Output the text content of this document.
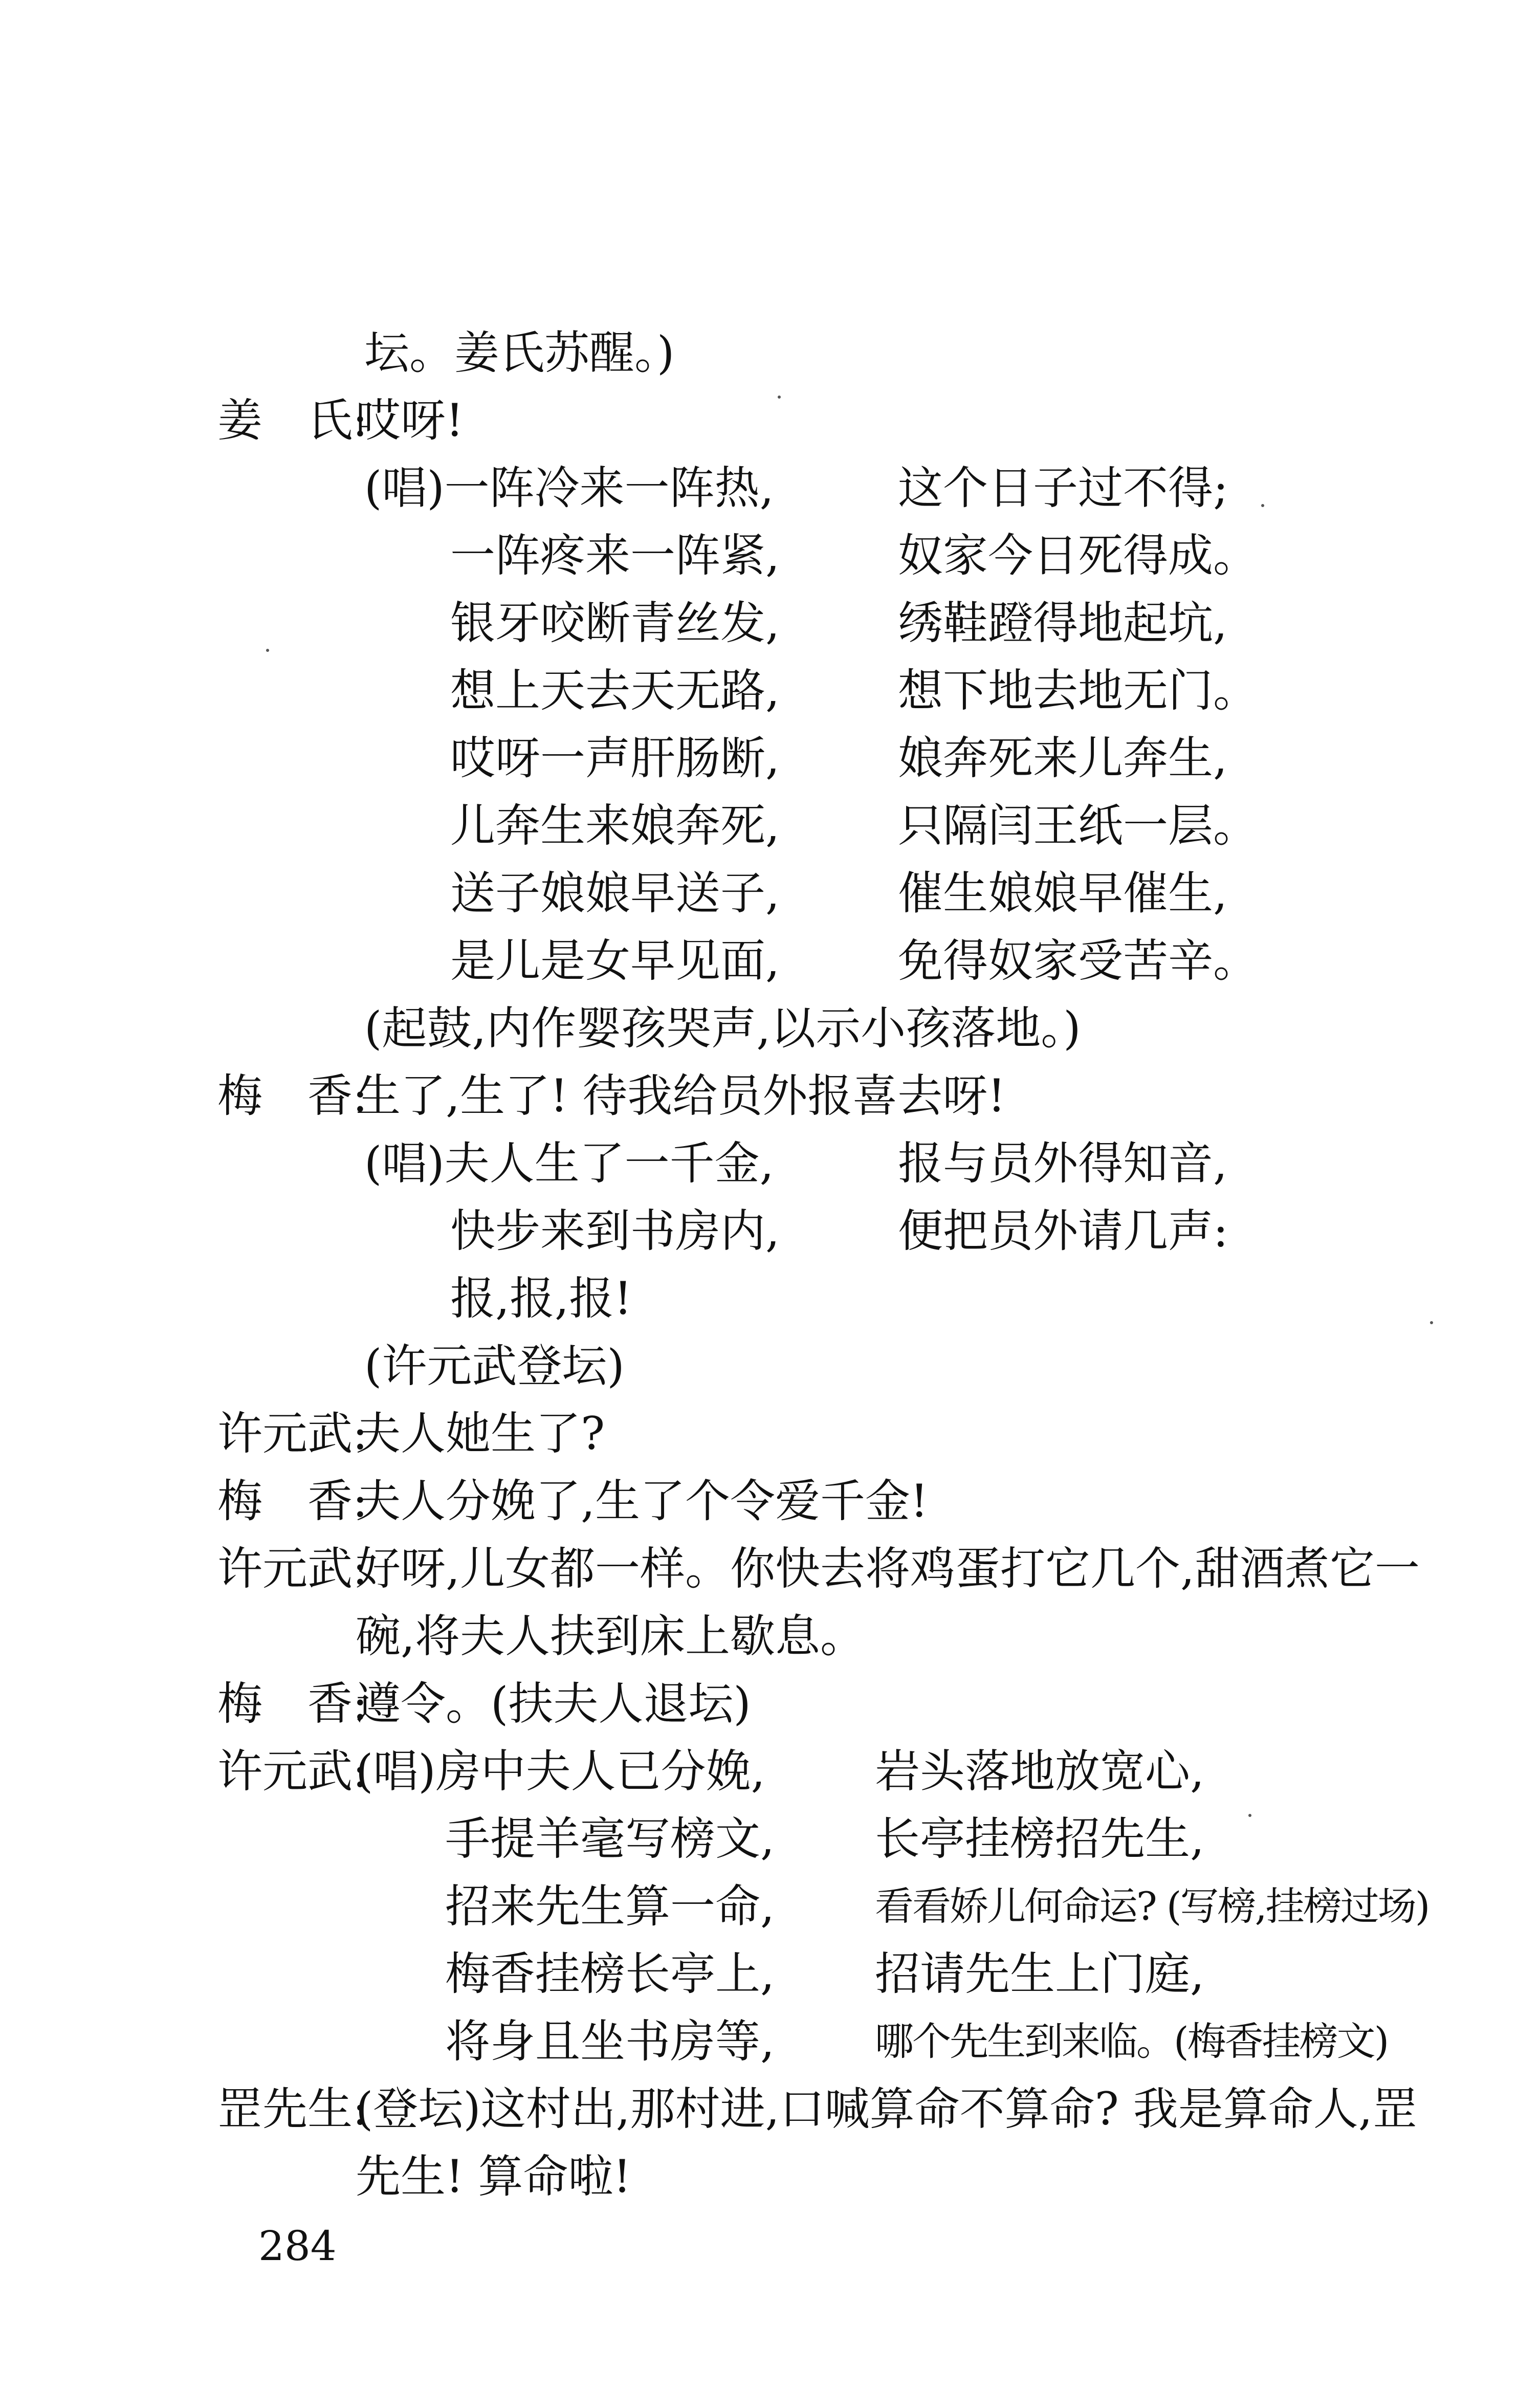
坛。姜氏苏醒。)
姜　氏:哎呀!
(唱)一阵冷来一阵热,	这个日子过不得;
一阵疼来一阵紧,	奴家今日死得成。
银牙咬断青丝发,	绣鞋蹬得地起坑,
想上天去天无路,	想下地去地无门。
哎呀一声肝肠断,	娘奔死来儿奔生,
儿奔生来娘奔死,	只隔闫王纸一层。
送子娘娘早送子,	催生娘娘早催生,
是儿是女早见面,	免得奴家受苦辛。
(起鼓,内作婴孩哭声,以示小孩落地。)
梅　香:生了,生了! 待我给员外报喜去呀!
(唱)夫人生了一千金,	报与员外得知音,
快步来到书房内,	便把员外请几声:
报,报,报!
(许元武登坛)
许元武:夫人她生了?
梅　香:夫人分娩了,生了个令爱千金!
许元武:好呀,儿女都一样。你快去将鸡蛋打它几个,甜酒煮它一
碗,将夫人扶到床上歇息。
梅　香:遵令。(扶夫人退坛)
许元武:(唱)房中夫人已分娩, 岩头落地放宽心,
手提羊毫写榜文, 长亭挂榜招先生,
招来先生算一命,	看看娇儿何命运? (写榜,挂榜过场)
梅香挂榜长亭上, 招请先生上门庭,
将身且坐书房等,	哪个先生到来临。(梅香挂榜文)
罡先生:(登坛)这村出,那村进,口喊算命不算命? 我是算命人,罡
先生! 算命啦!
284
